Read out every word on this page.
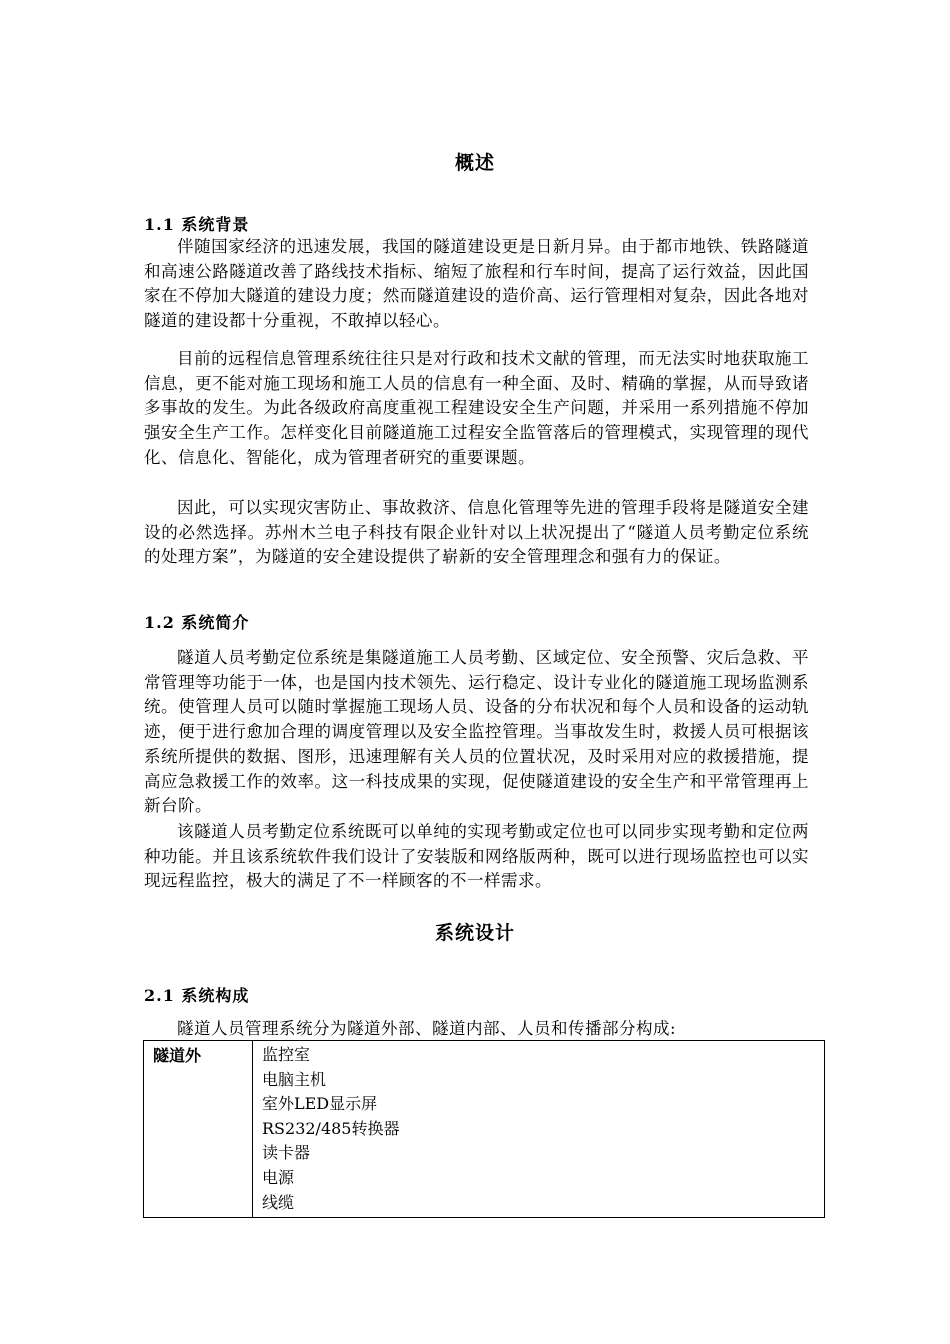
概述
1.1 系统背景

伴随国家经济的迅速发展，我国的隧道建设更是日新月异。由于都市地铁、铁路隧道和高速公路隧道改善了路线技术指标、缩短了旅程和行车时间，提高了运行效益，因此国家在不停加大隧道的建设力度；然而隧道建设的造价高、运行管理相对复杂，因此各地对隧道的建设都十分重视，不敢掉以轻心。

目前的远程信息管理系统往往只是对行政和技术文献的管理，而无法实时地获取施工信息，更不能对施工现场和施工人员的信息有一种全面、及时、精确的掌握，从而导致诸多事故的发生。为此各级政府高度重视工程建设安全生产问题，并采用一系列措施不停加强安全生产工作。怎样变化目前隧道施工过程安全监管落后的管理模式，实现管理的现代化、信息化、智能化，成为管理者研究的重要课题。

因此，可以实现灾害防止、事故救济、信息化管理等先进的管理手段将是隧道安全建设的必然选择。苏州木兰电子科技有限企业针对以上状况提出了“隧道人员考勤定位系统的处理方案”，为隧道的安全建设提供了崭新的安全管理理念和强有力的保证。

1.2 系统简介

隧道人员考勤定位系统是集隧道施工人员考勤、区域定位、安全预警、灾后急救、平常管理等功能于一体，也是国内技术领先、运行稳定、设计专业化的隧道施工现场监测系统。使管理人员可以随时掌握施工现场人员、设备的分布状况和每个人员和设备的运动轨迹，便于进行愈加合理的调度管理以及安全监控管理。当事故发生时，救援人员可根据该系统所提供的数据、图形，迅速理解有关人员的位置状况，及时采用对应的救援措施，提高应急救援工作的效率。这一科技成果的实现，促使隧道建设的安全生产和平常管理再上新台阶。

该隧道人员考勤定位系统既可以单纯的实现考勤或定位也可以同步实现考勤和定位两种功能。并且该系统软件我们设计了安装版和网络版两种，既可以进行现场监控也可以实现远程监控，极大的满足了不一样顾客的不一样需求。

系统设计
2.1 系统构成

隧道人员管理系统分为隧道外部、隧道内部、人员和传播部分构成:

隧道外	监控室
电脑主机
室外LED显示屏
RS232/485转换器
读卡器
电源
线缆
